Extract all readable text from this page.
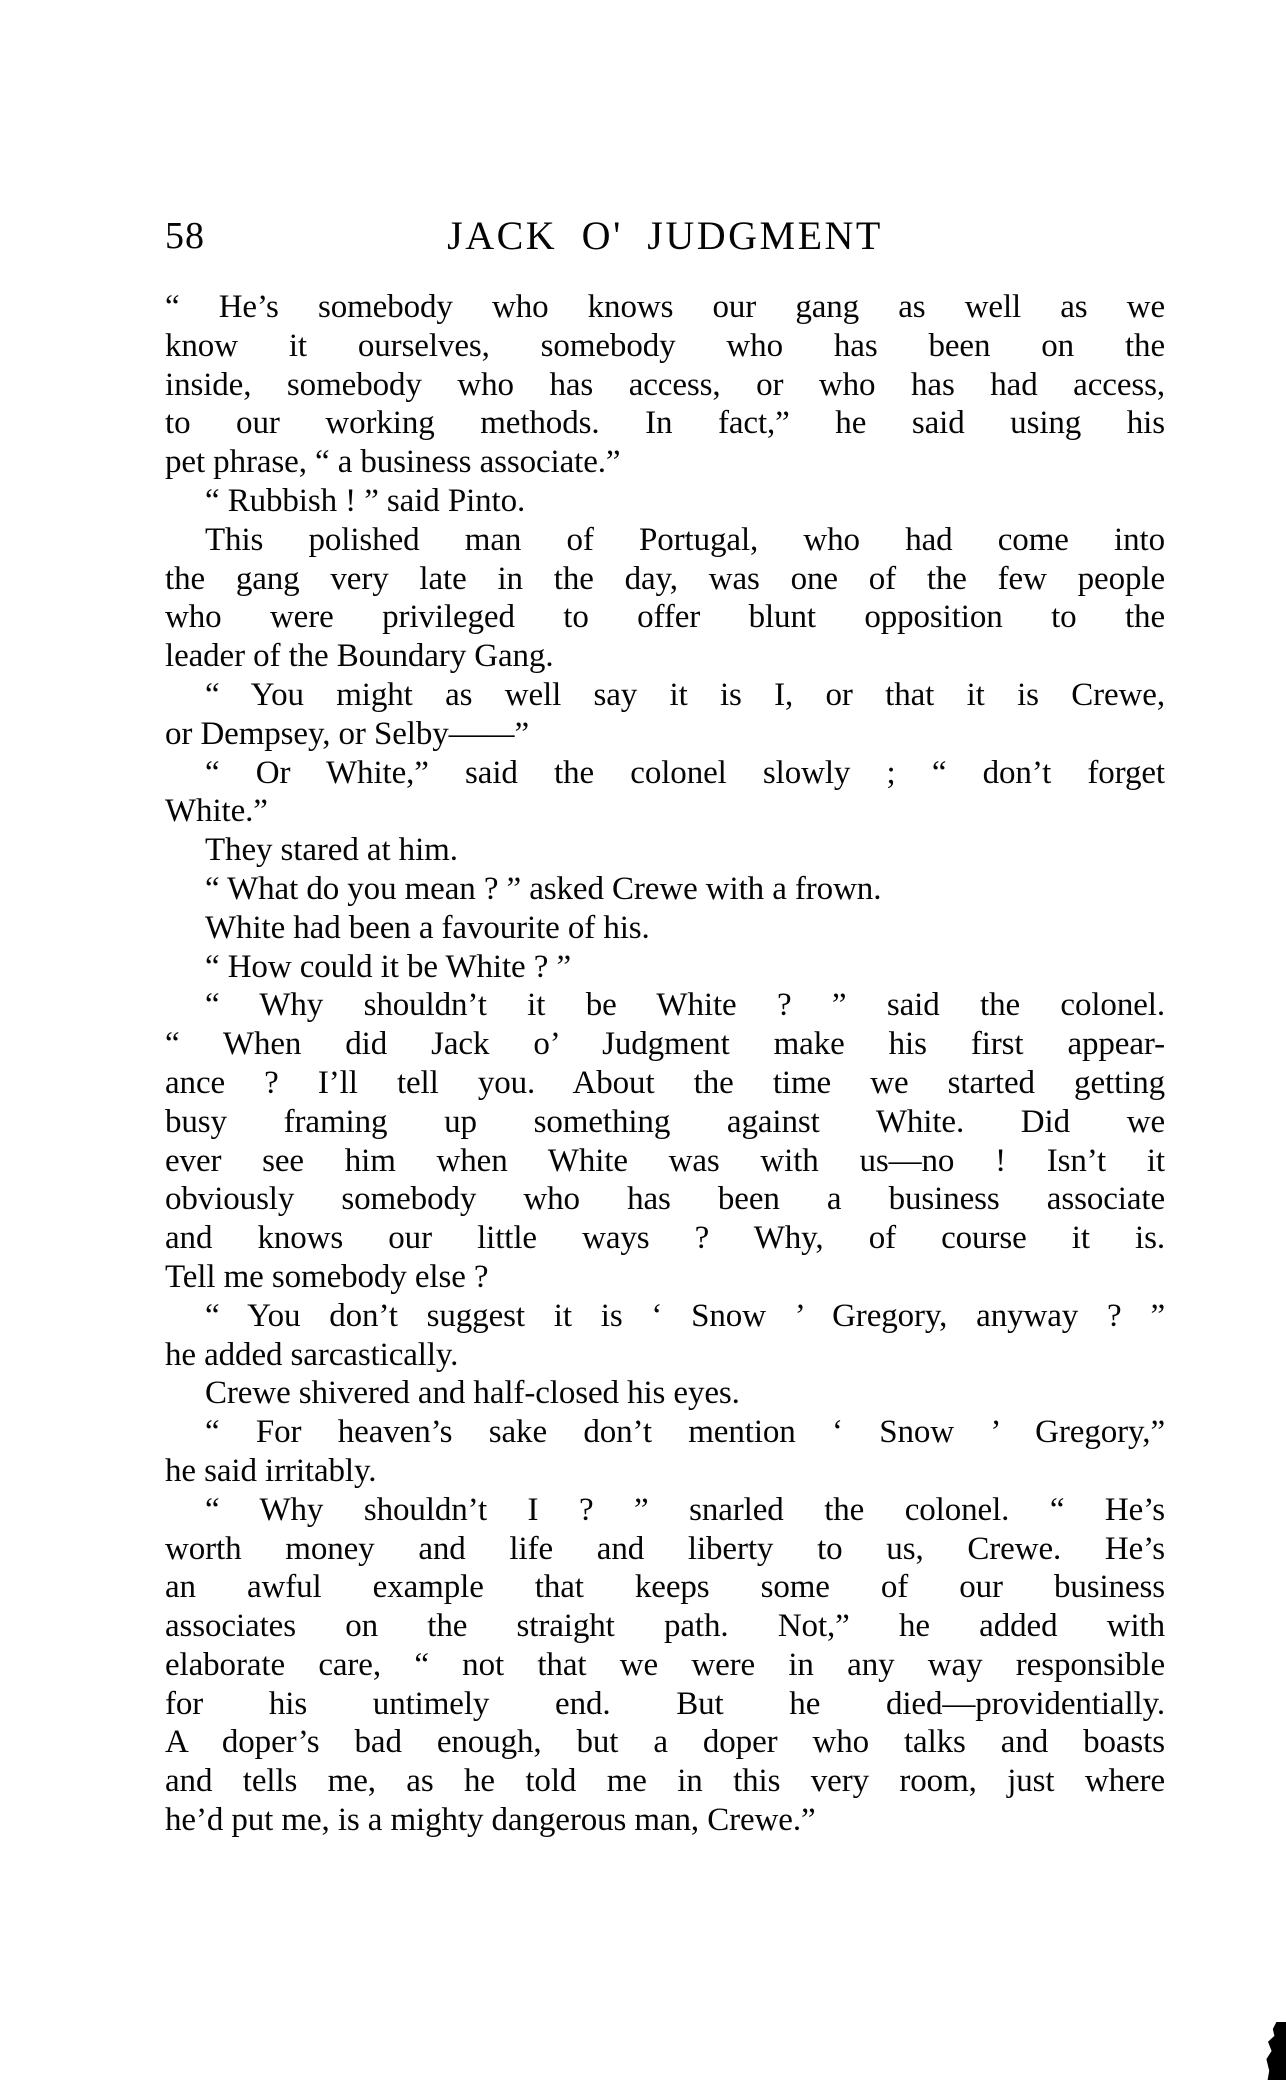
58	JACK O' JUDGMENT
“ He’s somebody who knows our gang as well as we
know it ourselves, somebody who has been on the
inside, somebody who has access, or who has had access,
to our working methods. In fact,” he said using his
pet phrase, “ a business associate.”
“ Rubbish ! ” said Pinto.
This polished man of Portugal, who had come into
the gang very late in the day, was one of the few people
who were privileged to offer blunt opposition to the
leader of the Boundary Gang.
“ You might as well say it is I, or that it is Crewe,
or Dempsey, or Selby——”
“ Or White,” said the colonel slowly ; “ don’t forget
White.”
They stared at him.
“ What do you mean ? ” asked Crewe with a frown.
White had been a favourite of his.
“ How could it be White ? ”
“ Why shouldn’t it be White ? ” said the colonel.
“ When did Jack o’ Judgment make his first appear-
ance ? I’ll tell you. About the time we started getting
busy framing up something against White. Did we
ever see him when White was with us—no ! Isn’t it
obviously somebody who has been a business associate
and knows our little ways ? Why, of course it is.
Tell me somebody else ?
“ You don’t suggest it is ‘ Snow ’ Gregory, anyway ? ”
he added sarcastically.
Crewe shivered and half-closed his eyes.
“ For heaven’s sake don’t mention ‘ Snow ’ Gregory,”
he said irritably.
“ Why shouldn’t I ? ” snarled the colonel. “ He’s
worth money and life and liberty to us, Crewe. He’s
an awful example that keeps some of our business
associates on the straight path. Not,” he added with
elaborate care, “ not that we were in any way responsible
for his untimely end. But he died—providentially.
A doper’s bad enough, but a doper who talks and boasts
and tells me, as he told me in this very room, just where
he’d put me, is a mighty dangerous man, Crewe.”
